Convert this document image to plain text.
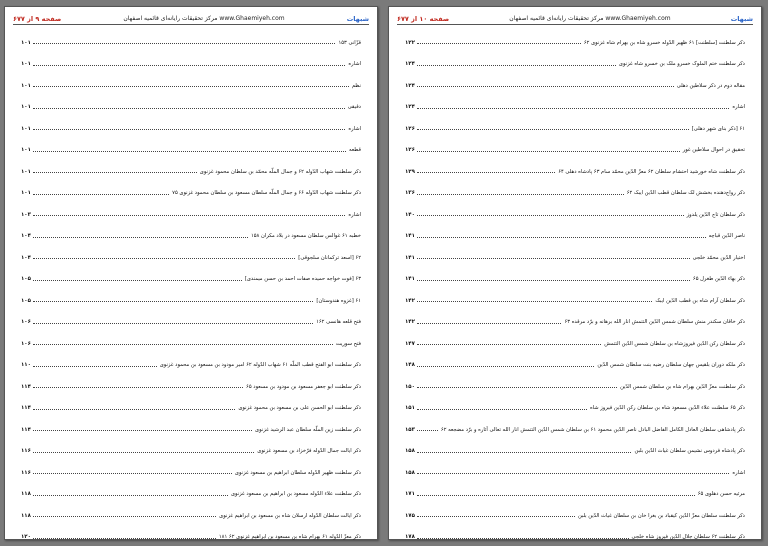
شبهات
مرکز تحقیقات رایانه‌ای قائمیه اصفهان www.Ghaemiyeh.com
صفحه ۹ از ۶۷۷
قزّانی ۱۵۳
۱۰۱
اشاره
۱۰۱
نظم
۱۰۱
دقیقی
۱۰۱
اشاره
۱۰۱
قطعه
۱۰۱
ذکر سلطنت شهاب الدّوله ۶۲ و جمال الملّه محمّد بن سلطان محمود غزنوی
۱۰۱
ذکر سلطنت شهاب الدّوله ۶۶ و جمال الملّه سلطان مسعود بن سلطان محمود غزنوی ۷۵
۱۰۱
اشاره
۱۰۳
خطبه ۶۱ غوالس سلطان مسعود در بلاد مکران ۱۵۸
۱۰۴
[اسعد ترکمانان سلجوقی] ۶۲
۱۰۴
[فوت خواجه حمیده صفات احمد بن حسن میمندی] ۶۳
۱۰۵
[غزوه هندوستان] ۶۱
۱۰۵
فتح قلعه هانسی ۱۶۲
۱۰۶
فتح سوریت
۱۰۶
ذکر سلطنت ابو الفتح قطب الملّه ۶۱ شهاب الدّوله ۶۲ امیر مودود بن مسعود بن محمود غزنوی
۱۱۰
ذکر سلطنت ابو جعفر مسعود بن مودود بن مسعود ۶۵
۱۱۴
ذکر سلطنت ابو الحسن علی بن مسعود بن محمود غزنوی
۱۱۴
ذکر سلطنت زین الملّه سلطان عبد الرشید غزنوی
۱۱۴
ذکر ایالت جمال الدّوله فرّخزاد بن مسعود غزنوی
۱۱۶
ذکر سلطنت ظهیر الدّوله سلطان ابراهیم بن مسعود غزنوی
۱۱۶
ذکر سلطنت علاء الدّوله مسعود بن ابراهیم بن مسعود غزنوی
۱۱۸
ذکر ایالت سلطان الدّوله ارسلان شاه بن مسعود بن ابراهیم غزنوی
۱۱۸
ذکر معزّ الدّوله ۶۱ بهرام شاه بن مسعود بن ابراهیم غزنوی ۶۲ ۱۸۱
۱۲۰
شبهات
مرکز تحقیقات رایانه‌ای قائمیه اصفهان www.Ghaemiyeh.com
صفحه ۱۰ از ۶۷۷
ذکر سلطنت [سلطنت] ۶۱ ظهیر الدّوله خسرو شاه بن بهرام شاه غزنوی ۶۲
۱۲۲
ذکر سلطنت ختم الملوک خسرو ملک بن خسرو شاه غزنوی
۱۲۴
مقاله دوم در ذکر سلاطین دهلی
۱۲۴
اشاره
۱۲۴
[ذکر بنای شهر دهلی] ۶۱
۱۲۶
تحقیق در احوال سلاطین غور
۱۲۶
ذکر سلطنت شاه خورشید احتشام سلطان ۶۲ معزّ الدّین محمّد سام ۶۳ پادشاه دهلی ۶۴
۱۲۹
ذکر رواج‌دهنده بخشش لک سلطان قطب الدّین ایبک ۶۲
۱۳۶
ذکر سلطان تاج الدّین یلدوز
۱۴۰
ناصر الدّین قباچه
۱۴۱
اختیار الدّین محمّد خلجی
۱۴۱
ذکر بهاء الدّین طغرل ۶۵
۱۴۱
ذکر سلطان آرام شاه بن قطب الدّین ایبک
۱۴۲
ذکر خاقان سکندر منش سلطان شمس الدّین التتمش انار الله برهانه و برّد مرقده ۶۳
۱۴۲
ذکر سلطان رکن الدّین فیروزشاه بن سلطان شمس الدّین التتمش
۱۴۷
ذکر ملکه دوران بلقیس جهان سلطان رضیه بنت سلطان شمس الدّین
۱۴۸
ذکر سلطنت معزّ الدّین بهرام شاه بن سلطان شمس الدّین
۱۵۰
ذکر ۶۵ سلطنت علاء الدّین مسعود شاه بن سلطان رکن الدّین فیروز شاه
۱۵۱
ذکر پادشاهی سلطان العادل الکامل الفاضل الباذل ناصر الدّین محمود ۶۱ بن سلطان شمس الدّین التتمش انار الله تعالی آثاره و برّد مضجعه ۶۲
۱۵۳
ذکر پادشاه فردوس نشیمن سلطان غیاث الدّین بلبن
۱۵۸
اشاره
۱۵۸
مرثیه حسن دهلوی ۶۵
۱۷۱
ذکر سلطنت سلطان معزّ الدّین کیقباد بن بغرا خان بن سلطان غیاث الدّین بلبن
۱۷۵
ذکر سلطنت ۶۲ سلطان جلال الدّین فیروز شاه خلجی
۱۷۸
